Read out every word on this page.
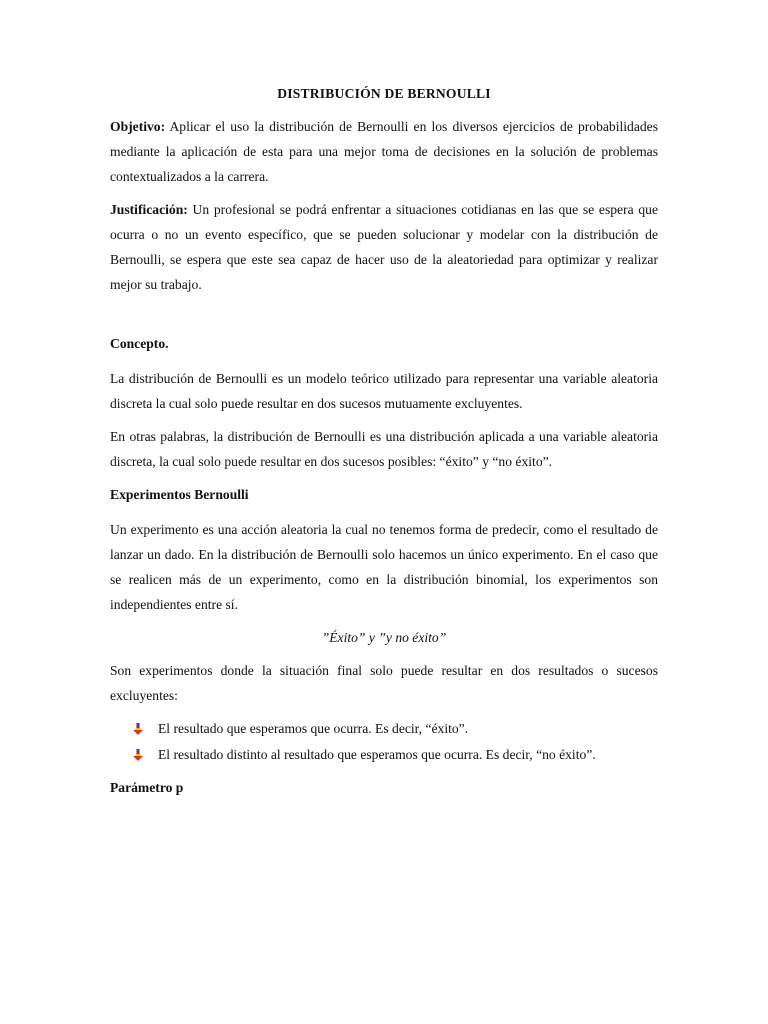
DISTRIBUCIÓN DE BERNOULLI

Objetivo: Aplicar el uso la distribución de Bernoulli en los diversos ejercicios de probabilidades mediante la aplicación de esta para una mejor toma de decisiones en la solución de problemas contextualizados a la carrera.

Justificación: Un profesional se podrá enfrentar a situaciones cotidianas en las que se espera que ocurra o no un evento específico, que se pueden solucionar y modelar con la distribución de Bernoulli, se espera que este sea capaz de hacer uso de la aleatoriedad para optimizar y realizar mejor su trabajo.

Concepto.

La distribución de Bernoulli es un modelo teórico utilizado para representar una variable aleatoria discreta la cual solo puede resultar en dos sucesos mutuamente excluyentes.

En otras palabras, la distribución de Bernoulli es una distribución aplicada a una variable aleatoria discreta, la cual solo puede resultar en dos sucesos posibles: “éxito” y “no éxito”.

Experimentos Bernoulli

Un experimento es una acción aleatoria la cual no tenemos forma de predecir, como el resultado de lanzar un dado. En la distribución de Bernoulli solo hacemos un único experimento. En el caso que se realicen más de un experimento, como en la distribución binomial, los experimentos son independientes entre sí.

”Éxito” y ”y no éxito”

Son experimentos donde la situación final solo puede resultar en dos resultados o sucesos excluyentes:

El resultado que esperamos que ocurra. Es decir, “éxito”.
El resultado distinto al resultado que esperamos que ocurra. Es decir, “no éxito”.
Parámetro p
